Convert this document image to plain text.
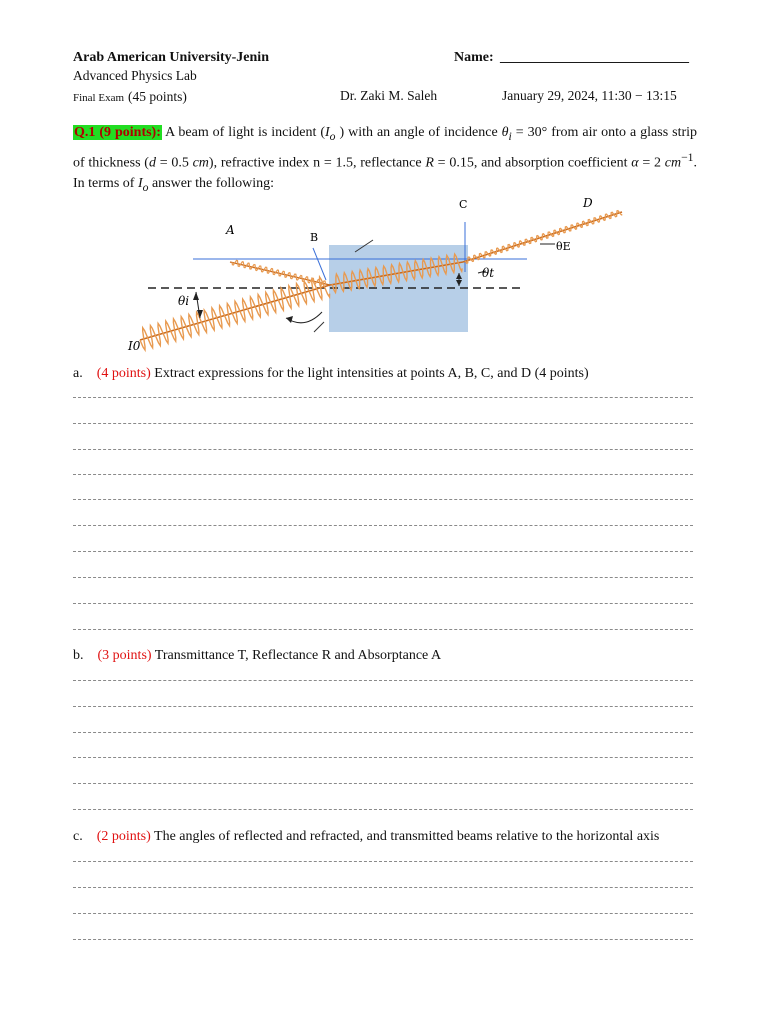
Arab American University-Jenin	Name: ___________________________
Advanced Physics Lab
Final Exam (45 points)	Dr. Zaki M. Saleh	January 29, 2024, 11:30 − 13:15
Q.1 (9 points): A beam of light is incident ($I_o$ ) with an angle of incidence $\theta_i = 30^\circ$ from air onto a glass strip of thickness (d = 0.5 cm), refractive index n = 1.5, reflectance R = 0.15, and absorption coefficient α = 2 $cm^{-1}$. In terms of $I_o$ answer the following:
A
B
C	D
θi
θt
θE
I0
a. (4 points) Extract expressions for the light intensities at points A, B, C, and D (4 points)
b. (3 points) Transmittance T, Reflectance R and Absorptance A
c. (2 points) The angles of reflected and refracted, and transmitted beams relative to the horizontal axis
